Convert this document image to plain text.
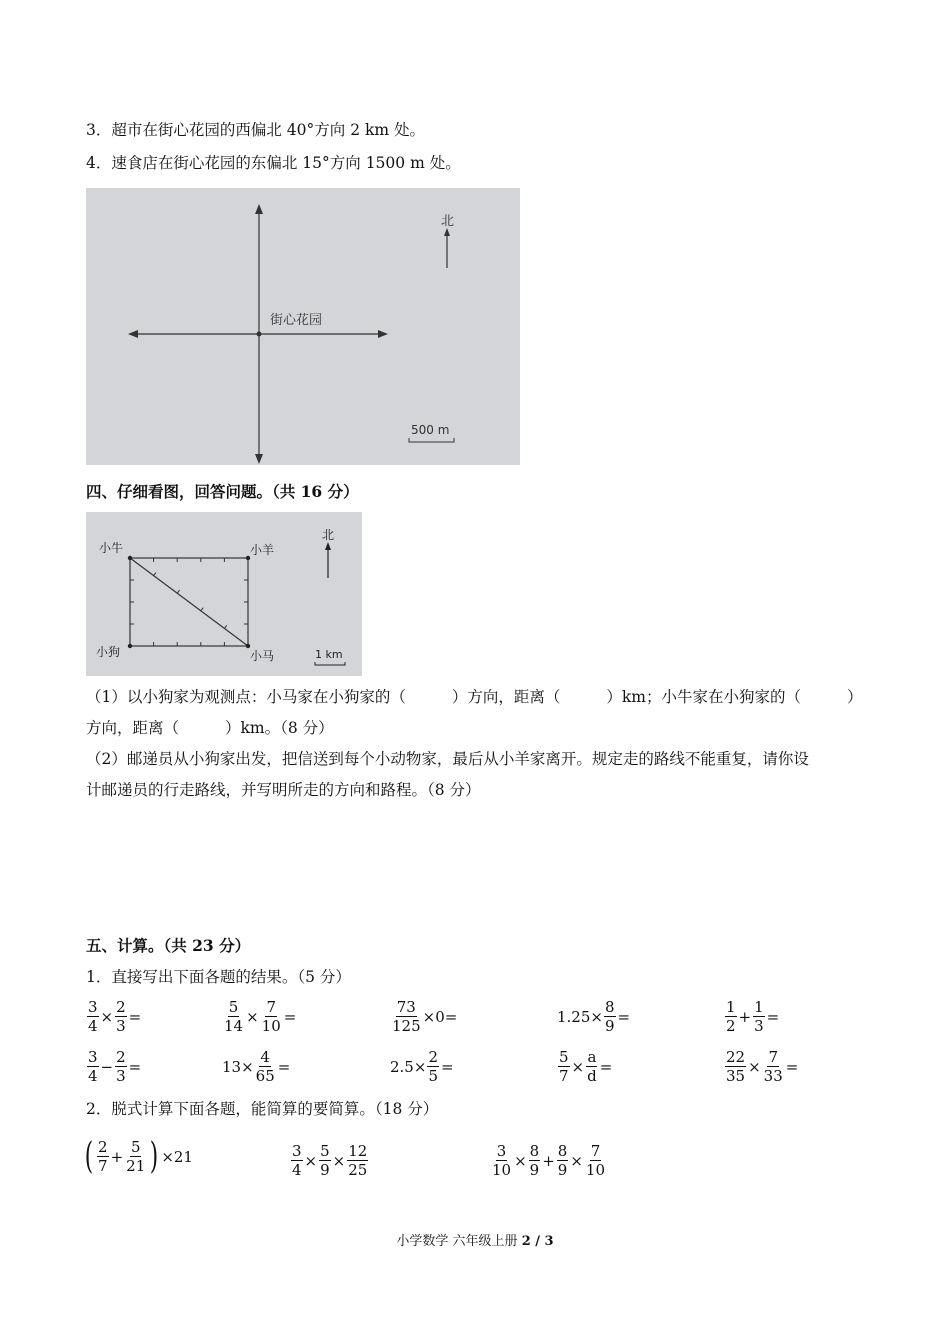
3．超市在街心花园的西偏北 40°方向 2 km 处。
4．速食店在街心花园的东偏北 15°方向 1500 m 处。
街心花园
北
500 m
四、仔细看图，回答问题。（共 16 分）
小牛	小羊
小狗	小马
北
1 km
（1）以小狗家为观测点：小马家在小狗家的（	）方向，距离（	）km；小牛家在小狗家的（	）
方向，距离（	）km。（8 分）
（2）邮递员从小狗家出发，把信送到每个小动物家，最后从小羊家离开。规定走的路线不能重复，请你设
计邮递员的行走路线，并写明所走的方向和路程。（8 分）
五、计算。（共 23 分）
1．直接写出下面各题的结果。（5 分）
$\frac{3}{4} \times \frac{2}{3}$ =	$\frac{5}{14} \times \frac{7}{10}$ =	$\frac{73}{125} \times 0=$	$1.25\times \frac{8}{9}$ =	$\frac{1}{2} + \frac{1}{3}$ =
$\frac{3}{4} - \frac{2}{3}$ =	$13\times \frac{4}{65}$ =	$2.5\times \frac{2}{5}$ =	$\frac{5}{7} \times \frac{a}{d}$ =	$\frac{22}{35} \times \frac{7}{33}$ =
2．脱式计算下面各题，能简算的要简算。（18 分）
( $\frac{2}{7} + \frac{5}{21}$ ) ×21	$\frac{3}{4} \times \frac{5}{9} \times \frac{12}{25}$	$\frac{3}{10} \times \frac{8}{9} + \frac{8}{9} \times \frac{7}{10}$
小学数学 六年级上册 2 / 3
